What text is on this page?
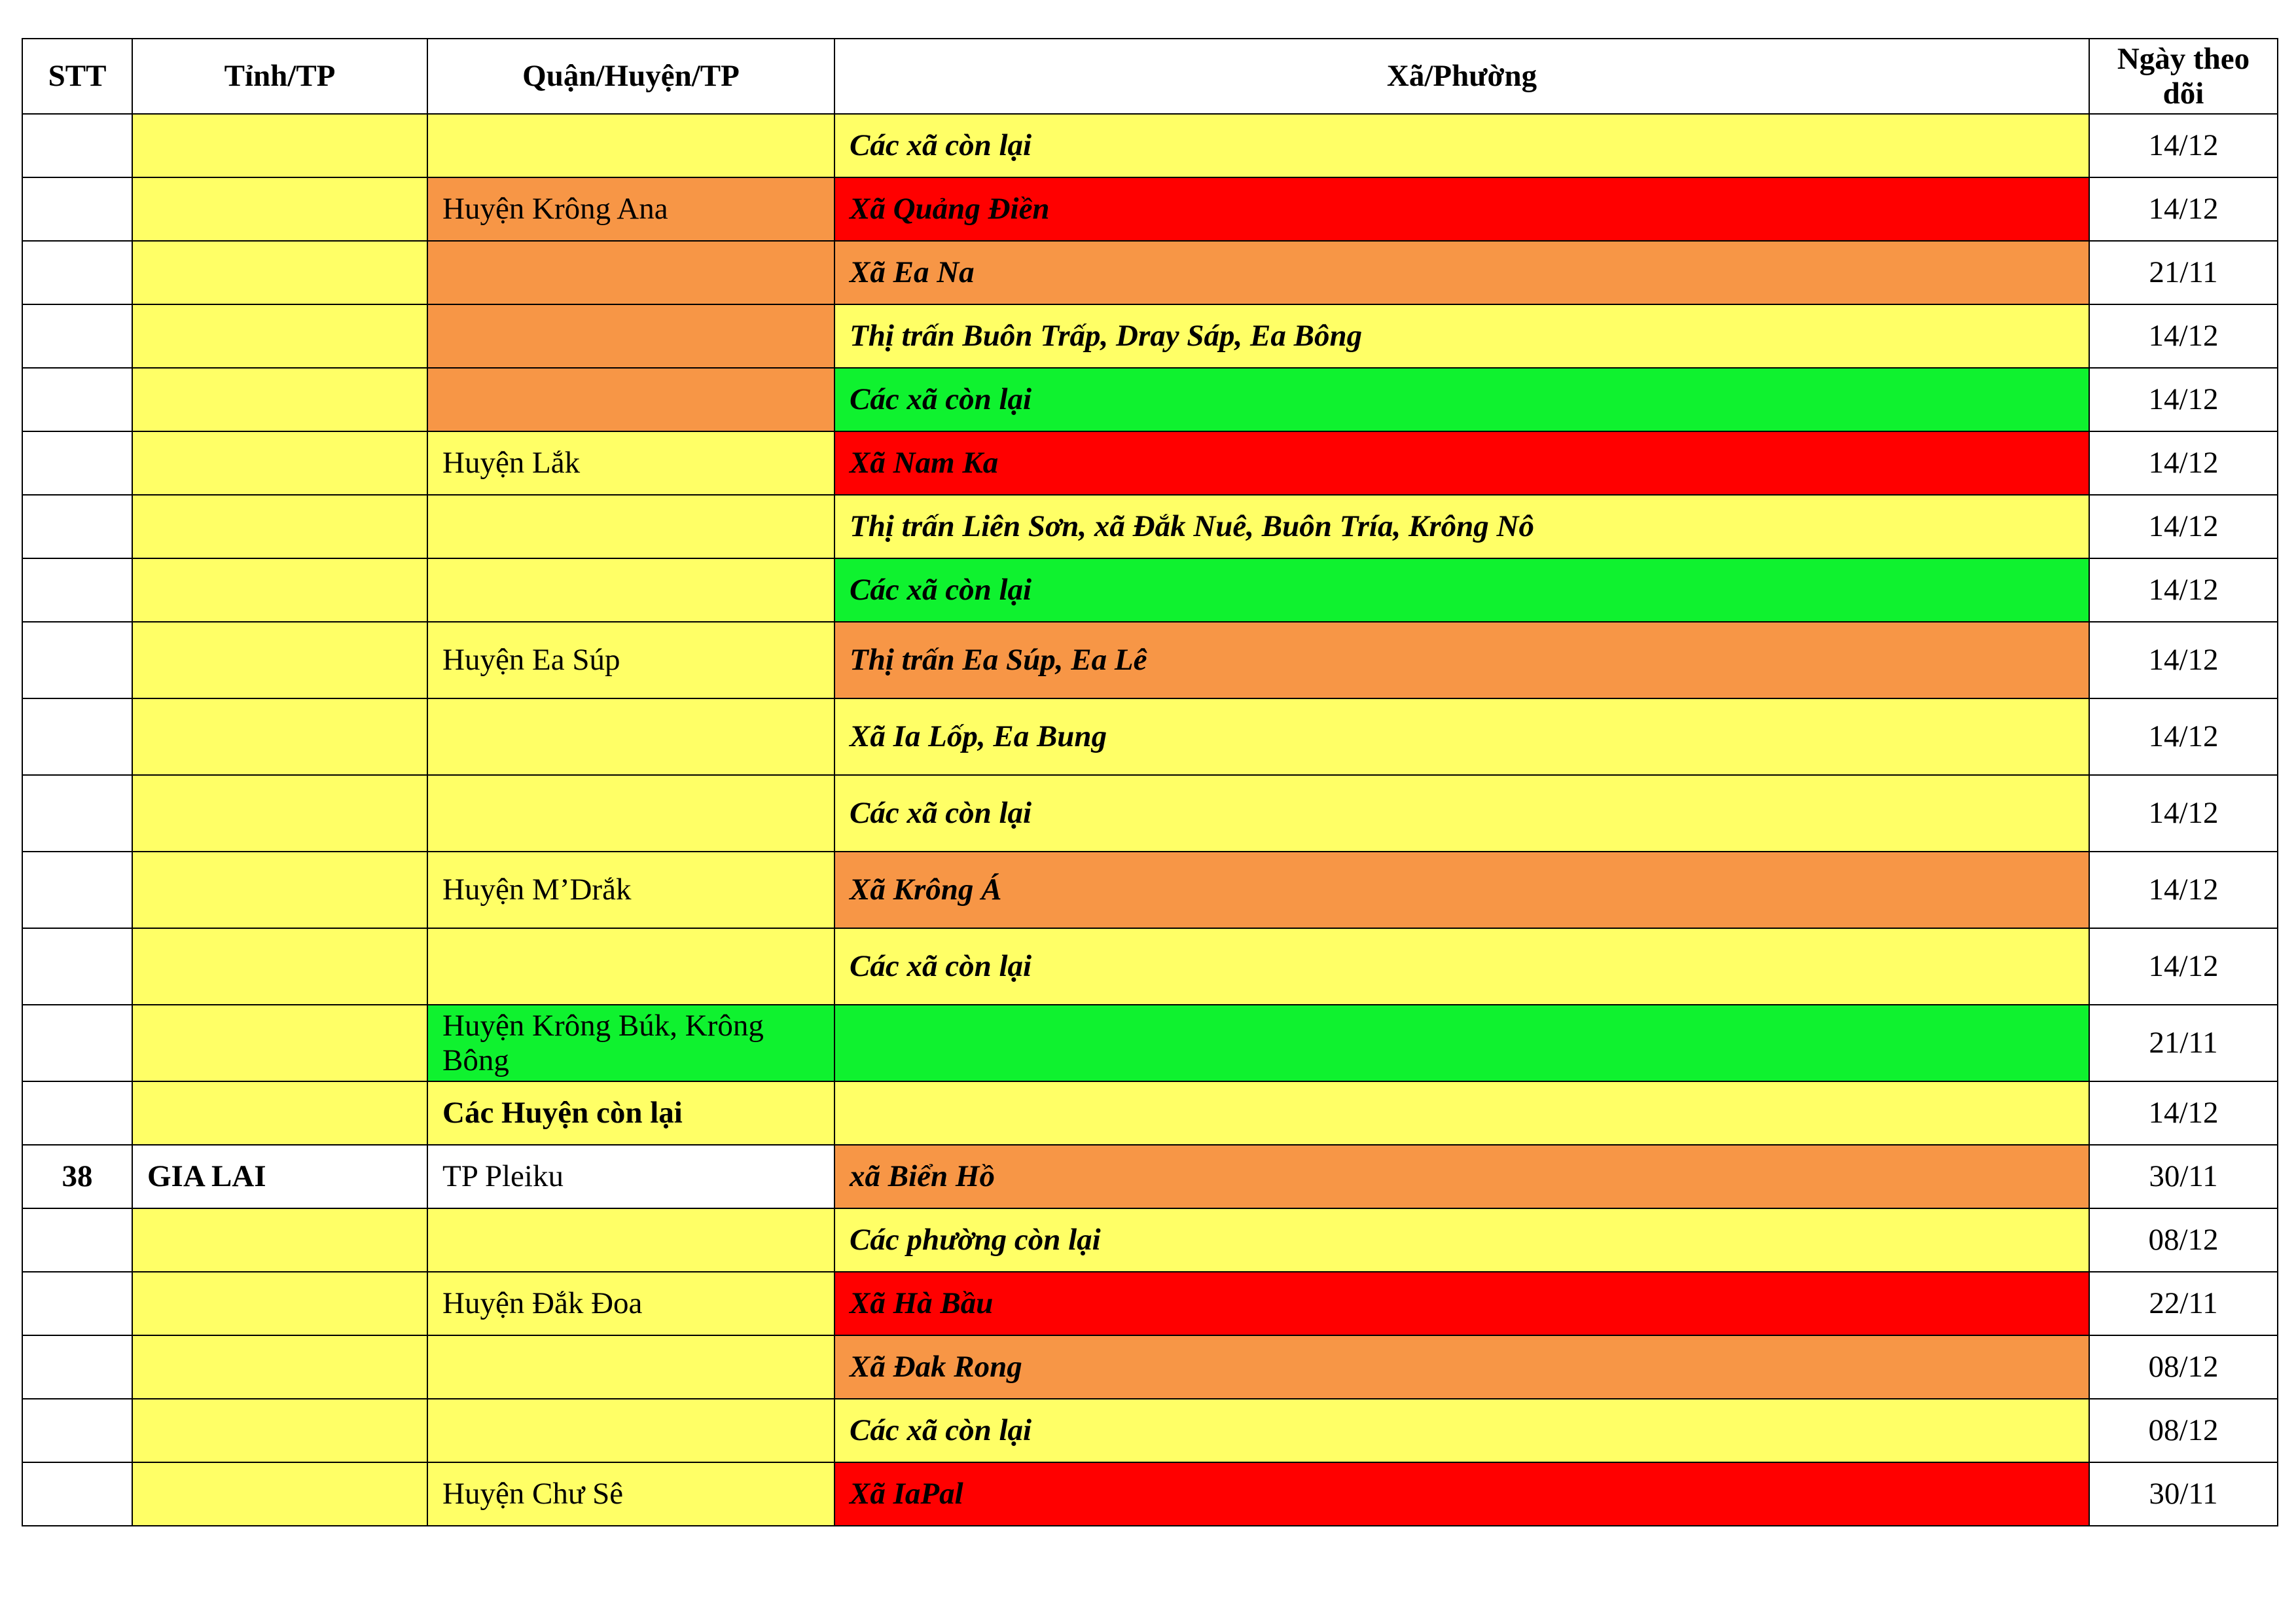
STT	Tỉnh/TP	Quận/Huyện/TP	Xã/Phường	Ngày theo dõi
			Các xã còn lại	14/12
		Huyện Krông Ana	Xã Quảng Điền	14/12
			Xã Ea Na	21/11
			Thị trấn Buôn Trấp, Dray Sáp, Ea Bông	14/12
			Các xã còn lại	14/12
		Huyện Lắk	Xã Nam Ka	14/12
			Thị trấn Liên Sơn, xã Đắk Nuê, Buôn Tría, Krông Nô	14/12
			Các xã còn lại	14/12
		Huyện Ea Súp	Thị trấn Ea Súp, Ea Lê	14/12
			Xã Ia Lốp, Ea Bung	14/12
			Các xã còn lại	14/12
		Huyện M’Drắk	Xã Krông Á	14/12
			Các xã còn lại	14/12
		Huyện Krông Búk, Krông Bông		21/11
		Các Huyện còn lại		14/12
38	GIA LAI	TP Pleiku	xã Biển Hồ	30/11
			Các phường còn lại	08/12
		Huyện Đắk Đoa	Xã Hà Bầu	22/11
			Xã Đak Rong	08/12
			Các xã còn lại	08/12
		Huyện Chư Sê	Xã IaPal	30/11
